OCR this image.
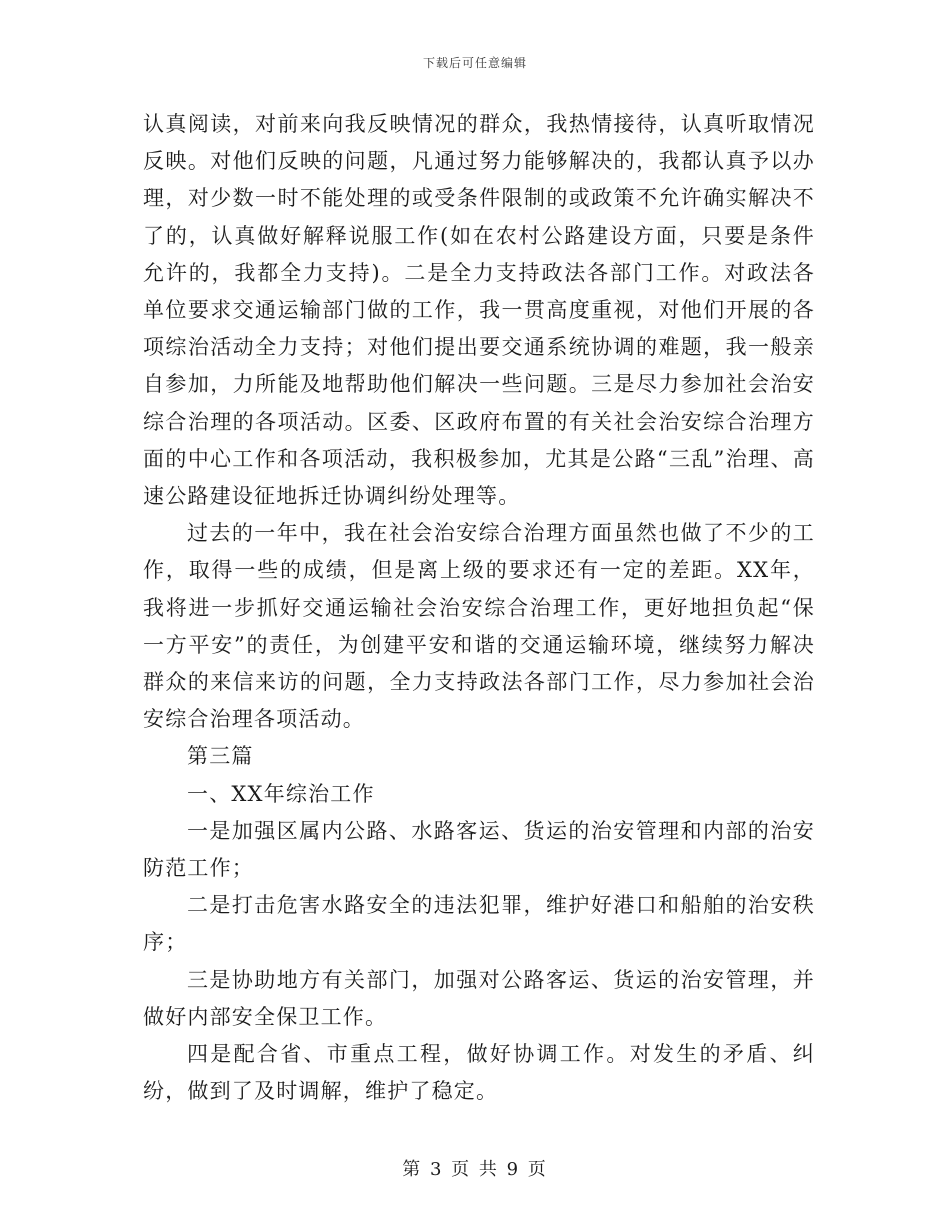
下载后可任意编辑

认真阅读，对前来向我反映情况的群众，我热情接待，认真听取情况反映。对他们反映的问题，凡通过努力能够解决的，我都认真予以办理，对少数一时不能处理的或受条件限制的或政策不允许确实解决不了的，认真做好解释说服工作(如在农村公路建设方面，只要是条件允许的，我都全力支持)。二是全力支持政法各部门工作。对政法各单位要求交通运输部门做的工作，我一贯高度重视，对他们开展的各项综治活动全力支持；对他们提出要交通系统协调的难题，我一般亲自参加，力所能及地帮助他们解决一些问题。三是尽力参加社会治安综合治理的各项活动。区委、区政府布置的有关社会治安综合治理方面的中心工作和各项活动，我积极参加，尤其是公路“三乱”治理、高速公路建设征地拆迁协调纠纷处理等。

过去的一年中，我在社会治安综合治理方面虽然也做了不少的工作，取得一些的成绩，但是离上级的要求还有一定的差距。XX年，我将进一步抓好交通运输社会治安综合治理工作，更好地担负起“保一方平安”的责任，为创建平安和谐的交通运输环境，继续努力解决群众的来信来访的问题，全力支持政法各部门工作，尽力参加社会治安综合治理各项活动。

第三篇

一、XX年综治工作

一是加强区属内公路、水路客运、货运的治安管理和内部的治安防范工作；

二是打击危害水路安全的违法犯罪，维护好港口和船舶的治安秩序；

三是协助地方有关部门，加强对公路客运、货运的治安管理，并做好内部安全保卫工作。

四是配合省、市重点工程，做好协调工作。对发生的矛盾、纠纷，做到了及时调解，维护了稳定。

第 3 页 共 9 页
